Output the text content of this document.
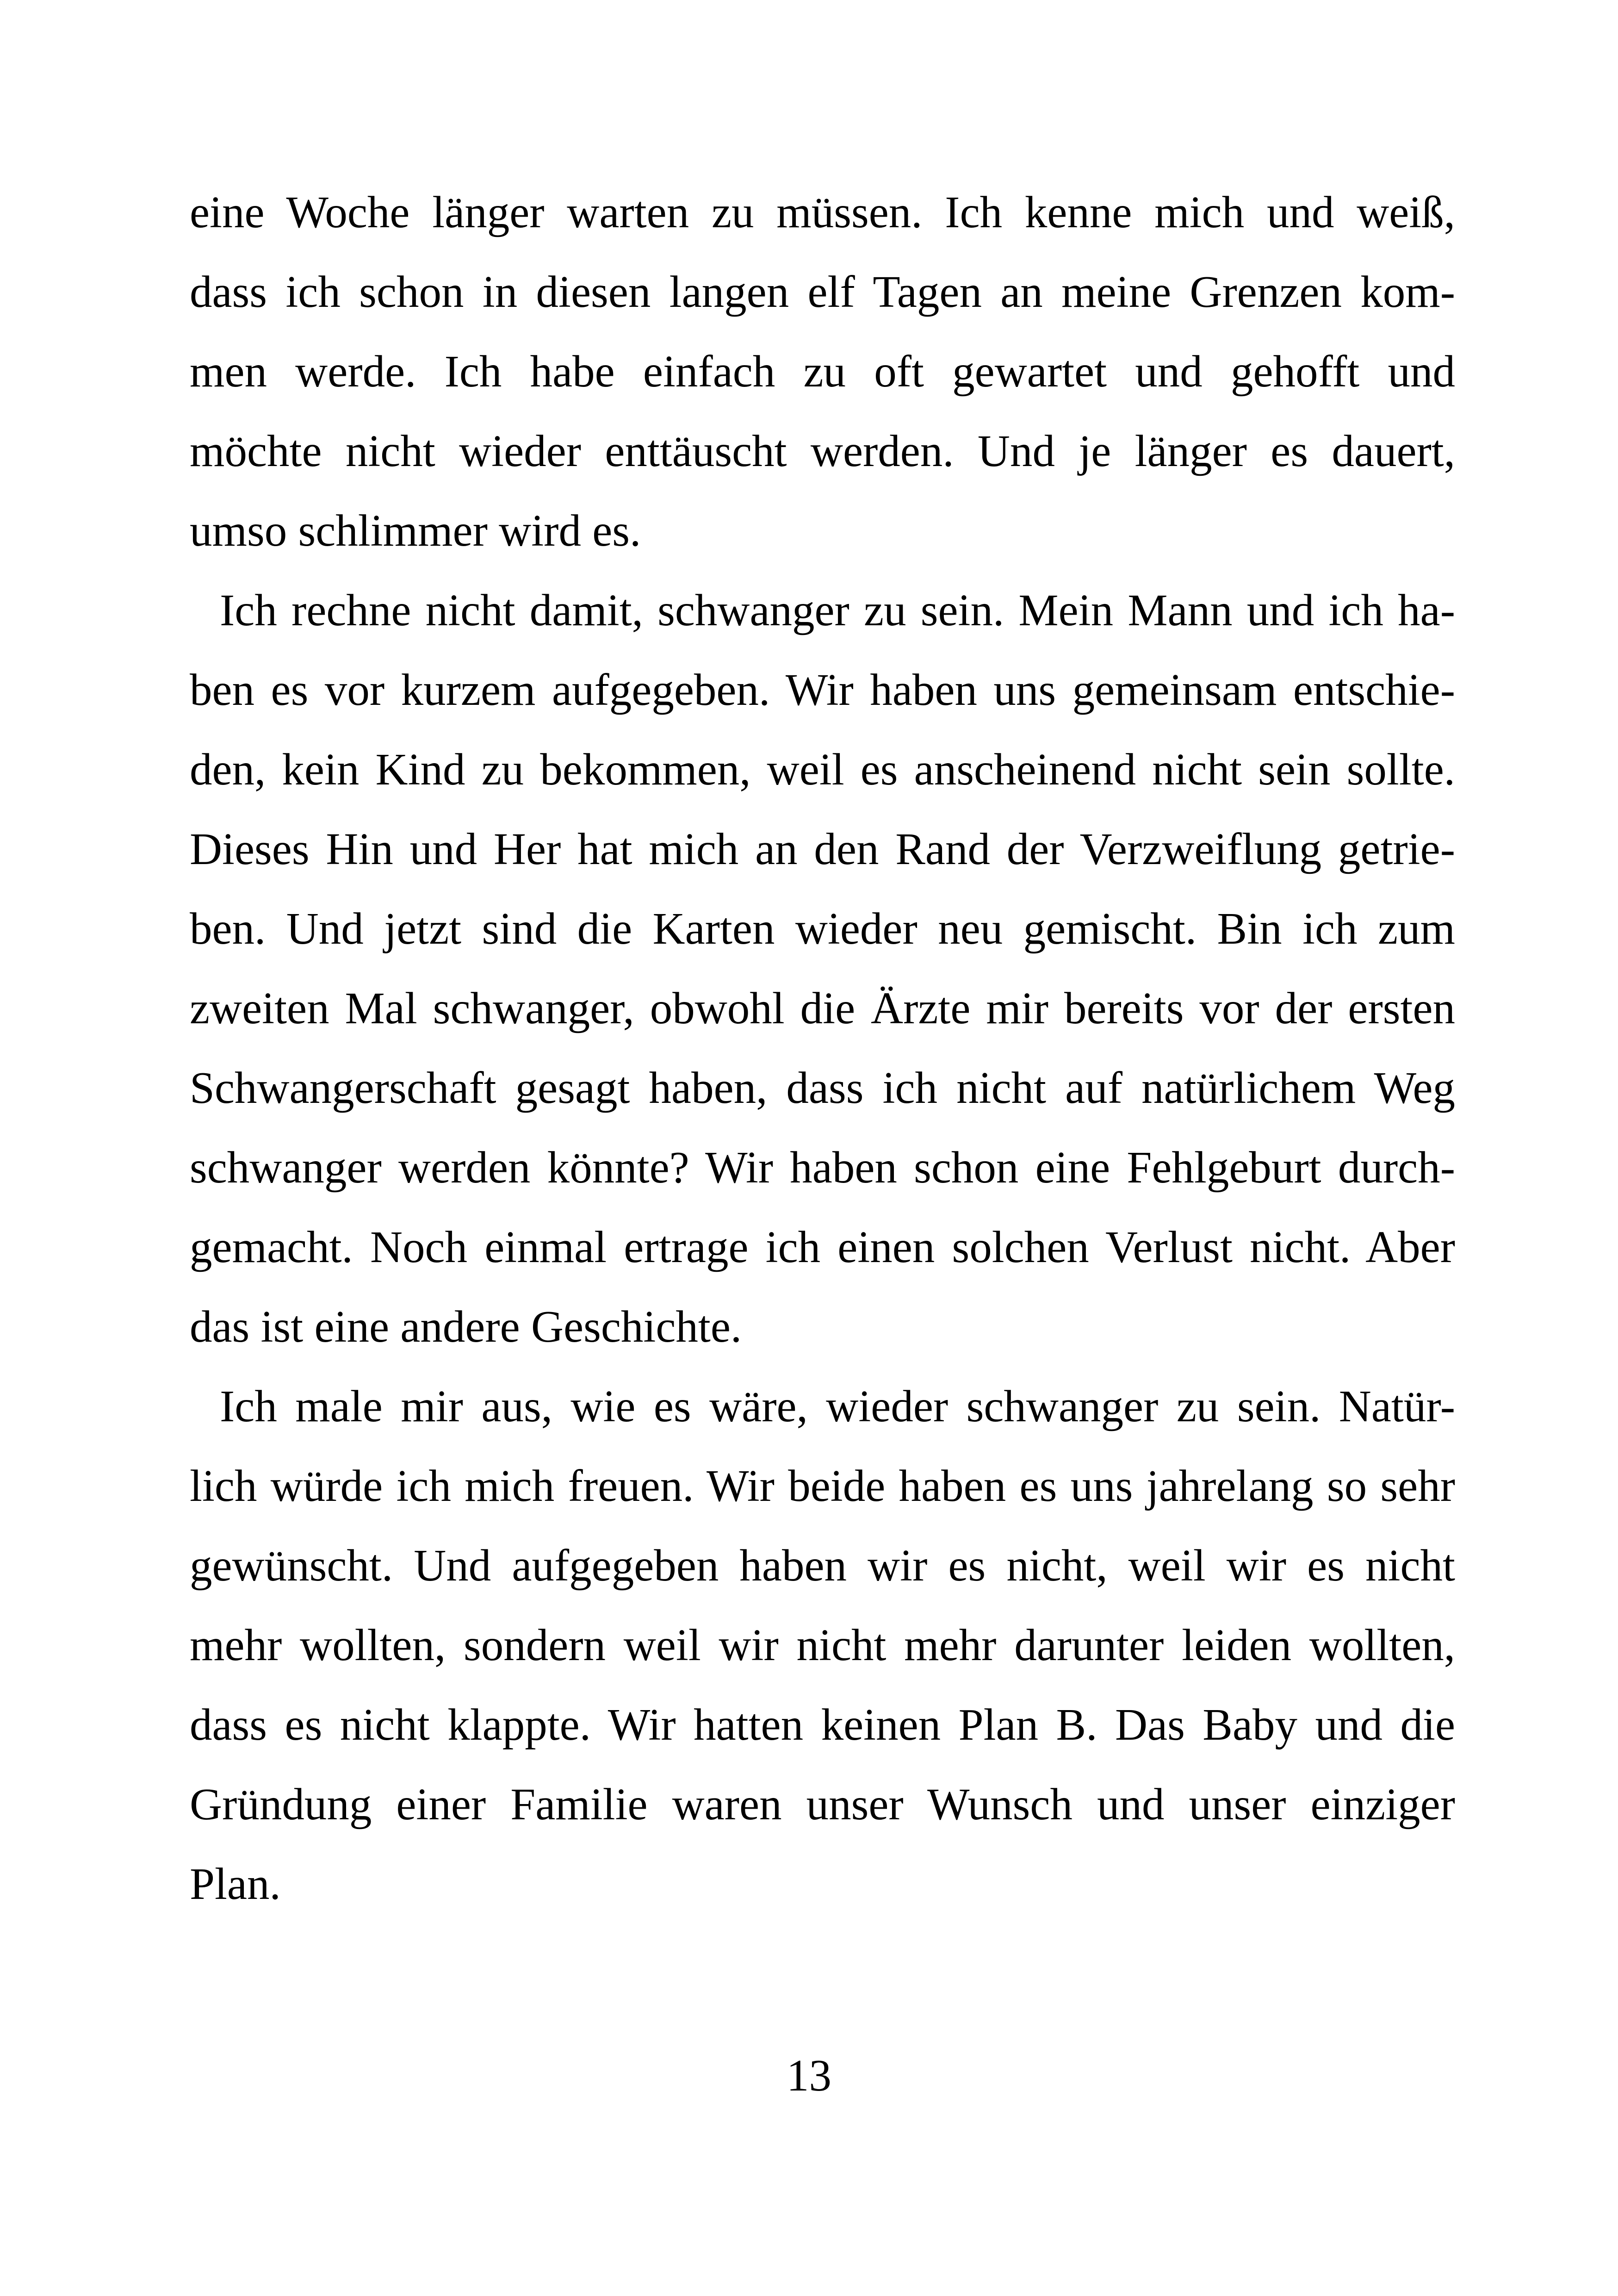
eine Woche länger warten zu müssen. Ich kenne mich und weiß,
dass ich schon in diesen langen elf Tagen an meine Grenzen kom-
men werde. Ich habe einfach zu oft gewartet und gehofft und
möchte nicht wieder enttäuscht werden. Und je länger es dauert,
umso schlimmer wird es.

Ich rechne nicht damit, schwanger zu sein. Mein Mann und ich ha-
ben es vor kurzem aufgegeben. Wir haben uns gemeinsam entschie-
den, kein Kind zu bekommen, weil es anscheinend nicht sein sollte.
Dieses Hin und Her hat mich an den Rand der Verzweiflung getrie-
ben. Und jetzt sind die Karten wieder neu gemischt. Bin ich zum
zweiten Mal schwanger, obwohl die Ärzte mir bereits vor der ersten
Schwangerschaft gesagt haben, dass ich nicht auf natürlichem Weg
schwanger werden könnte? Wir haben schon eine Fehlgeburt durch-
gemacht. Noch einmal ertrage ich einen solchen Verlust nicht. Aber
das ist eine andere Geschichte.

Ich male mir aus, wie es wäre, wieder schwanger zu sein. Natür-
lich würde ich mich freuen. Wir beide haben es uns jahrelang so sehr
gewünscht. Und aufgegeben haben wir es nicht, weil wir es nicht
mehr wollten, sondern weil wir nicht mehr darunter leiden wollten,
dass es nicht klappte. Wir hatten keinen Plan B. Das Baby und die
Gründung einer Familie waren unser Wunsch und unser einziger
Plan.

13
